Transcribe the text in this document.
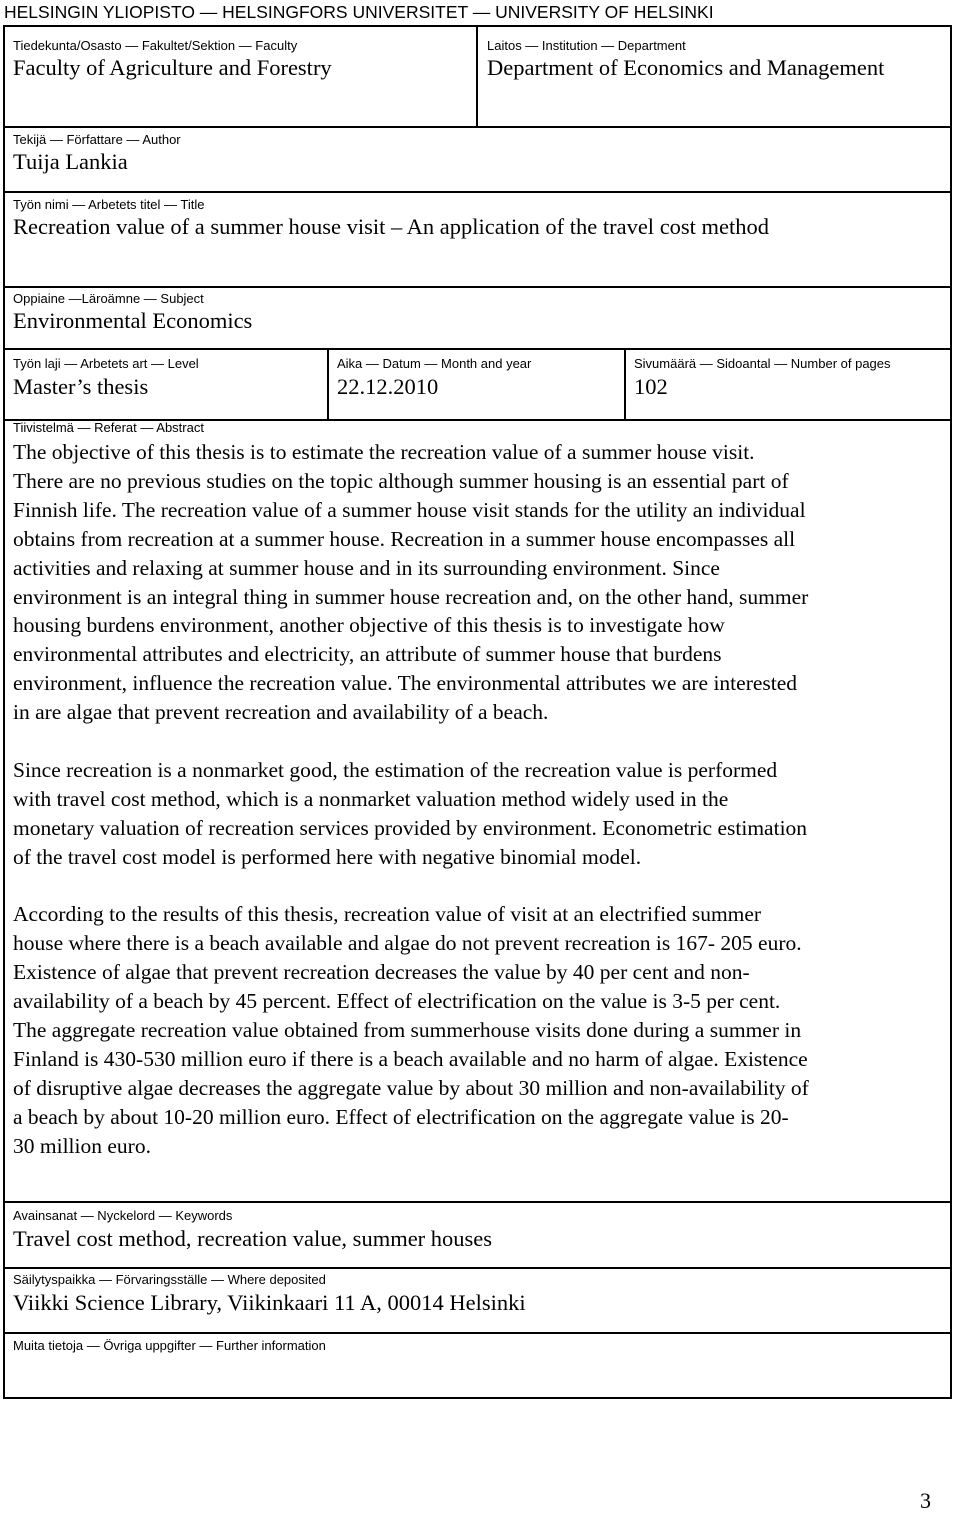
HELSINGIN YLIOPISTO — HELSINGFORS UNIVERSITET — UNIVERSITY OF HELSINKI
Tiedekunta/Osasto — Fakultet/Sektion — Faculty
Faculty of Agriculture and Forestry
Laitos — Institution — Department
Department of Economics and Management
Tekijä — Författare — Author
Tuija Lankia
Työn nimi — Arbetets titel — Title
Recreation value of a summer house visit – An application of the travel cost method
Oppiaine —Läroämne — Subject
Environmental Economics
Työn laji — Arbetets art — Level
Master’s thesis
Aika — Datum — Month and year
22.12.2010
Sivumäärä — Sidoantal — Number of pages
102
Tiivistelmä — Referat — Abstract
The objective of this thesis is to estimate the recreation value of a summer house visit.
There are no previous studies on the topic although summer housing is an essential part of
Finnish life. The recreation value of a summer house visit stands for the utility an individual
obtains from recreation at a summer house. Recreation in a summer house encompasses all
activities and relaxing at summer house and in its surrounding environment. Since
environment is an integral thing in summer house recreation and, on the other hand, summer
housing burdens environment, another objective of this thesis is to investigate how
environmental attributes and electricity, an attribute of summer house that burdens
environment, influence the recreation value. The environmental attributes we are interested
in are algae that prevent recreation and availability of a beach.
Since recreation is a nonmarket good, the estimation of the recreation value is performed
with travel cost method, which is a nonmarket valuation method widely used in the
monetary valuation of recreation services provided by environment. Econometric estimation
of the travel cost model is performed here with negative binomial model.
According to the results of this thesis, recreation value of visit at an electrified summer
house where there is a beach available and algae do not prevent recreation is 167- 205 euro.
Existence of algae that prevent recreation decreases the value by 40 per cent and non-
availability of a beach by 45 percent. Effect of electrification on the value is 3-5 per cent.
The aggregate recreation value obtained from summerhouse visits done during a summer in
Finland is 430-530 million euro if there is a beach available and no harm of algae. Existence
of disruptive algae decreases the aggregate value by about 30 million and non-availability of
a beach by about 10-20 million euro. Effect of electrification on the aggregate value is 20-
30 million euro.
Avainsanat — Nyckelord — Keywords
Travel cost method, recreation value, summer houses
Säilytyspaikka — Förvaringsställe — Where deposited
Viikki Science Library, Viikinkaari 11 A, 00014 Helsinki
Muita tietoja — Övriga uppgifter — Further information
3
